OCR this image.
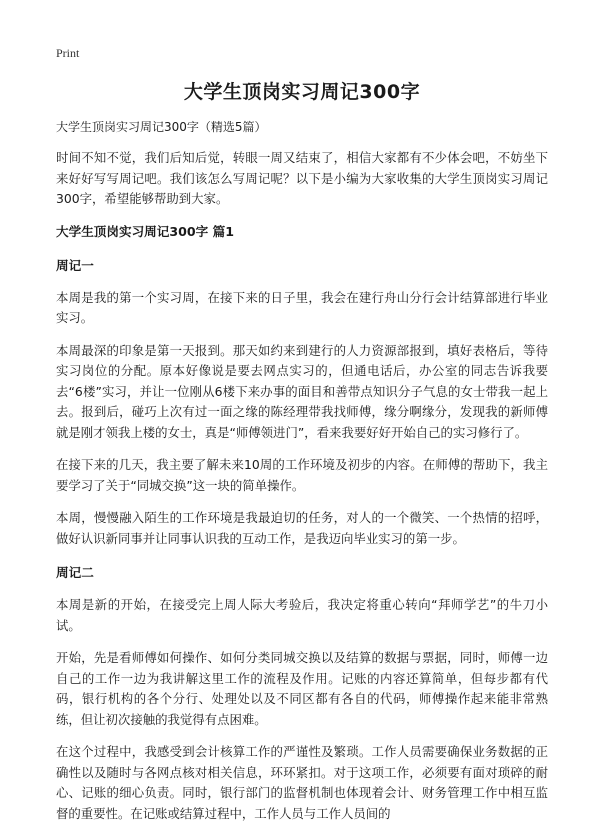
Print
大学生顶岗实习周记300字

大学生顶岗实习周记300字（精选5篇）

时间不知不觉，我们后知后觉，转眼一周又结束了，相信大家都有不少体会吧，不妨坐下来好好写写周记吧。我们该怎么写周记呢？以下是小编为大家收集的大学生顶岗实习周记300字，希望能够帮助到大家。

大学生顶岗实习周记300字 篇1
周记一

本周是我的第一个实习周，在接下来的日子里，我会在建行舟山分行会计结算部进行毕业实习。

本周最深的印象是第一天报到。那天如约来到建行的人力资源部报到，填好表格后，等待实习岗位的分配。原本好像说是要去网点实习的，但通电话后，办公室的同志告诉我要去“6楼”实习，并让一位刚从6楼下来办事的面目和善带点知识分子气息的女士带我一起上去。报到后，碰巧上次有过一面之缘的陈经理带我找师傅，缘分啊缘分，发现我的新师傅就是刚才领我上楼的女士，真是“师傅领进门”，看来我要好好开始自己的实习修行了。

在接下来的几天，我主要了解未来10周的工作环境及初步的内容。在师傅的帮助下，我主要学习了关于“同城交换”这一块的简单操作。

本周，慢慢融入陌生的工作环境是我最迫切的任务，对人的一个微笑、一个热情的招呼，做好认识新同事并让同事认识我的互动工作，是我迈向毕业实习的第一步。

周记二

本周是新的开始，在接受完上周人际大考验后，我决定将重心转向“拜师学艺”的牛刀小试。

开始，先是看师傅如何操作、如何分类同城交换以及结算的数据与票据，同时，师傅一边自己的工作一边为我讲解这里工作的流程及作用。记账的内容还算简单，但每步都有代码，银行机构的各个分行、处理处以及不同区都有各自的代码，师傅操作起来能非常熟练，但让初次接触的我觉得有点困难。

在这个过程中，我感受到会计核算工作的严谨性及繁琐。工作人员需要确保业务数据的正确性以及随时与各网点核对相关信息，环环紧扣。对于这项工作，必须要有面对琐碎的耐心、记账的细心负责。同时，银行部门的监督机制也体现着会计、财务管理工作中相互监督的重要性。在记账或结算过程中，工作人员与工作人员间的
